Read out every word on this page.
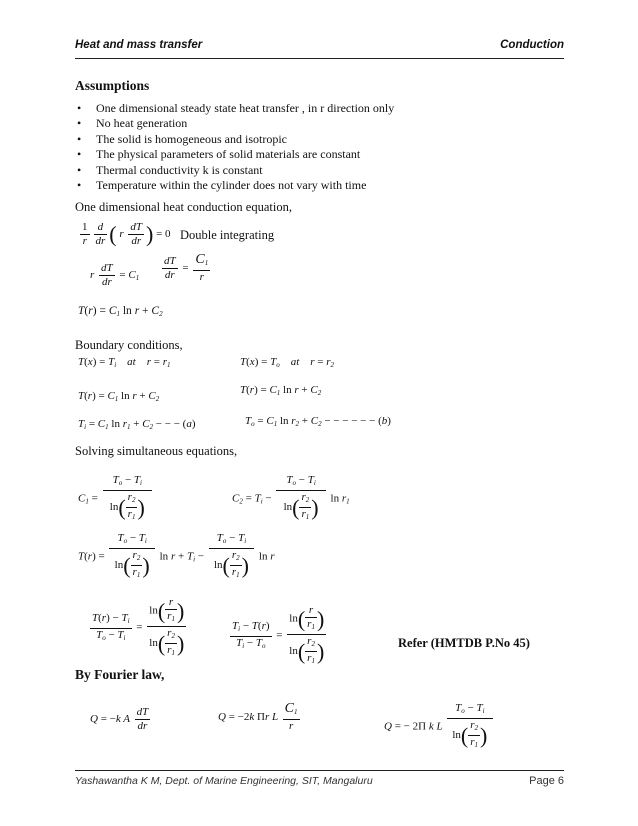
Heat and mass transfer	Conduction
Assumptions
• One dimensional steady state heat transfer , in r direction only
• No heat generation
• The solid is homogeneous and isotropic
• The physical parameters of solid materials are constant
• Thermal conductivity k is constant
• Temperature within the cylinder does not vary with time
One dimensional heat conduction equation,
$\frac{1}{r} \frac{d}{dr}$ ( r $\frac{dT}{dr}$ ) = 0 Double integrating
r $\frac{dT}{dr} = C_1 \frac{dT}{dr} = \frac{C_1}{r}$
$T(r) = C_1$ $\ln r + C_2$
Boundary conditions,
$T(x) = T_i$    at    $r = r_1$	$T(x) = T_o$    at    $r = r_2$
$T(r) = C_1$ $\ln r + C_2$
$T(r) = C_1$ $\ln r + C_2$
$T_i = C_1$ $\ln r_1 + C_2$ − − − (a)	$T_o = C_1$ $\ln r_2 + C_2$ − − − − − − (b)
Solving simultaneous equations,
$C_1 = \frac{T_o - T_i}{\ln( \frac{r_2}{r_1} )}$	$C_2 = T_i - \frac{T_o - T_i}{\ln( \frac{r_2}{r_1} )}$ $\ln r_1$
$T(r) = \frac{T_o - T_i}{\ln( \frac{r_2}{r_1} )}$ $\ln r + T_i - \frac{T_o - T_i}{\ln( \frac{r_2}{r_1} )}$ ln r
$\frac{T(r) - T_i}{T_o - T_i} = \frac{\ln( \frac{r}{r_1} )}{\ln( \frac{r_2}{r_1} )}$	$\frac{T_i - T(r)}{T_i - T_o} = \frac{\ln( \frac{r}{r_1} )}{\ln( \frac{r_2}{r_1} )}$	Refer (HMTDB P.No 45)
By Fourier law,
Q = −k A $\frac{dT}{dr}$	Q = −2k Πr L $\frac{C_1}{r}$	Q = − 2Π k L $\frac{T_o - T_i}{\ln( \frac{r_2}{r_1} )}$
Yashawantha K M, Dept. of Marine Engineering, SIT, Mangaluru	Page 6
